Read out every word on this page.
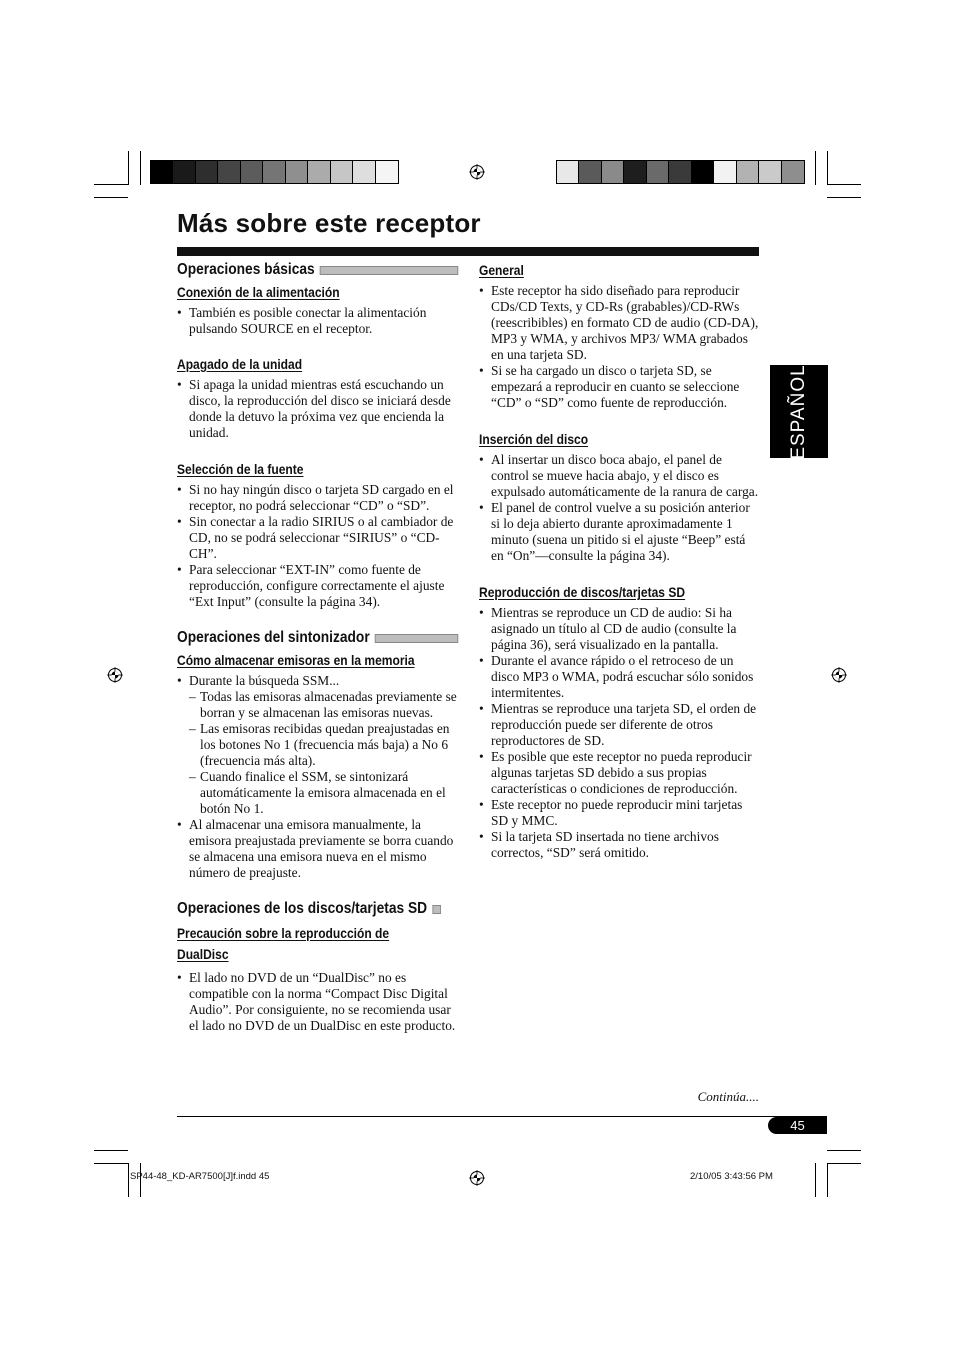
Más sobre este receptor
ESPAÑOL
Operaciones básicas
Conexión de la alimentación
• También es posible conectar la alimentación pulsando SOURCE en el receptor.
Apagado de la unidad
• Si apaga la unidad mientras está escuchando un disco, la reproducción del disco se iniciará desde donde la detuvo la próxima vez que encienda la unidad.
Selección de la fuente
• Si no hay ningún disco o tarjeta SD cargado en el receptor, no podrá seleccionar “CD” o “SD”.
• Sin conectar a la radio SIRIUS o al cambiador de CD, no se podrá seleccionar “SIRIUS” o “CD-CH”.
• Para seleccionar “EXT-IN” como fuente de reproducción, configure correctamente el ajuste “Ext Input” (consulte la página 34).
Operaciones del sintonizador
Cómo almacenar emisoras en la memoria
• Durante la búsqueda SSM...
– Todas las emisoras almacenadas previamente se borran y se almacenan las emisoras nuevas.
– Las emisoras recibidas quedan preajustadas en los botones No 1 (frecuencia más baja) a No 6 (frecuencia más alta).
– Cuando finalice el SSM, se sintonizará automáticamente la emisora almacenada en el botón No 1.
• Al almacenar una emisora manualmente, la emisora preajustada previamente se borra cuando se almacena una emisora nueva en el mismo número de preajuste.
Operaciones de los discos/tarjetas SD
Precaución sobre la reproducción de
DualDisc
• El lado no DVD de un “DualDisc” no es compatible con la norma “Compact Disc Digital Audio”. Por consiguiente, no se recomienda usar el lado no DVD de un DualDisc en este producto.
General
• Este receptor ha sido diseñado para reproducir CDs/CD Texts, y CD-Rs (grabables)/CD-RWs (reescribibles) en formato CD de audio (CD-DA), MP3 y WMA, y archivos MP3/ WMA grabados en una tarjeta SD.
• Si se ha cargado un disco o tarjeta SD, se empezará a reproducir en cuanto se seleccione “CD” o “SD” como fuente de reproducción.
Inserción del disco
• Al insertar un disco boca abajo, el panel de control se mueve hacia abajo, y el disco es expulsado automáticamente de la ranura de carga.
• El panel de control vuelve a su posición anterior si lo deja abierto durante aproximadamente 1 minuto (suena un pitido si el ajuste “Beep” está en “On”—consulte la página 34).
Reproducción de discos/tarjetas SD
• Mientras se reproduce un CD de audio: Si ha asignado un título al CD de audio (consulte la página 36), será visualizado en la pantalla.
• Durante el avance rápido o el retroceso de un disco MP3 o WMA, podrá escuchar sólo sonidos intermitentes.
• Mientras se reproduce una tarjeta SD, el orden de reproducción puede ser diferente de otros reproductores de SD.
• Es posible que este receptor no pueda reproducir algunas tarjetas SD debido a sus propias características o condiciones de reproducción.
• Este receptor no puede reproducir mini tarjetas SD y MMC.
• Si la tarjeta SD insertada no tiene archivos correctos, “SD” será omitido.
Continúa....
45
SP44-48_KD-AR7500[J]f.indd 45	2/10/05 3:43:56 PM
